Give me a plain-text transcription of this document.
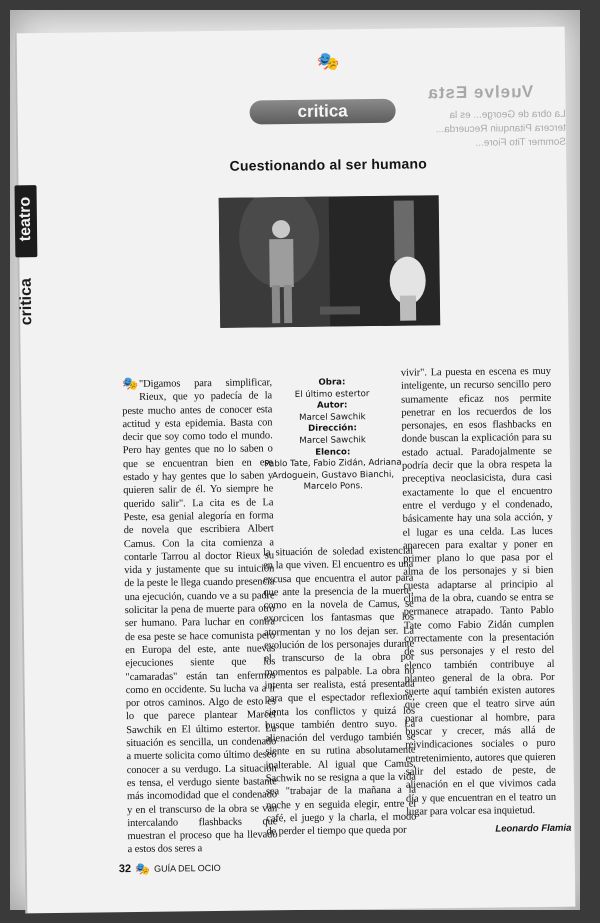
Vuelve Esta
La obra de George... es la tercera Pitanquin Recuerda... Sommer Tito Fiore...
teatro
critica
🎭
critica
Cuestionando al ser humano
Obra:
El último estertor
Autor:
Marcel Sawchik
Dirección:
Marcel Sawchik
Elenco:
Pablo Tate, Fabio Zidán, Adriana Ardoguein, Gustavo Bianchi, Marcelo Pons.
🎭 "Digamos para simplificar, Rieux, que yo padecía de la peste mucho antes de conocer esta actitud y esta epidemia. Basta con decir que soy como todo el mundo. Pero hay gentes que no lo saben o que se encuentran bien en ese estado y hay gentes que lo saben y quieren salir de él. Yo siempre he querido salir". La cita es de La Peste, esa genial alegoría en forma de novela que escribiera Albert Camus. Con la cita comienza a contarle Tarrou al doctor Rieux su vida y justamente que su intuición de la peste le llega cuando presencia una ejecución, cuando ve a su padre solicitar la pena de muerte para otro ser humano. Para luchar en contra de esa peste se hace comunista pero en Europa del este, ante nuevas ejecuciones siente que los "camaradas" están tan enfermos como en occidente. Su lucha va a ir por otros caminos. Algo de esto es lo que parece plantear Marcel Sawchik en El último estertor. La situación es sencilla, un condenado a muerte solicita como último deseo conocer a su verdugo. La situación es tensa, el verdugo siente bastante más incomodidad que el condenado y en el transcurso de la obra se van intercalando flashbacks que muestran el proceso que ha llevado a estos dos seres a

la situación de soledad existencial en la que viven. El encuentro es una excusa que encuentra el autor para que ante la presencia de la muerte, como en la novela de Camus, se exorcicen los fantasmas que los atormentan y no los dejan ser. La evolución de los personajes durante el transcurso de la obra por momentos es palpable. La obra no intenta ser realista, está presentada para que el espectador reflexione, sienta los conflictos y quizá los busque también dentro suyo. La alienación del verdugo también se siente en su rutina absolutamente inalterable. Al igual que Camus, Sachwik no se resigna a que la vida sea "trabajar de la mañana a la noche y en seguida elegir, entre el café, el juego y la charla, el modo de perder el tiempo que queda por

vivir". La puesta en escena es muy inteligente, un recurso sencillo pero sumamente eficaz nos permite penetrar en los recuerdos de los personajes, en esos flashbacks en donde buscan la explicación para su estado actual. Paradojalmente se podría decir que la obra respeta la preceptiva neoclasicista, dura casi exactamente lo que el encuentro entre el verdugo y el condenado, básicamente hay una sola acción, y el lugar es una celda. Las luces aparecen para exaltar y poner en primer plano lo que pasa por el alma de los personajes y si bien cuesta adaptarse al principio al clima de la obra, cuando se entra se permanece atrapado. Tanto Pablo Tate como Fabio Zidán cumplen correctamente con la presentación de sus personajes y el resto del elenco también contribuye al planteo general de la obra. Por suerte aquí también existen autores que creen que el teatro sirve aún para cuestionar al hombre, para buscar y crecer, más allá de reivindicaciones sociales o puro entretenimiento, autores que quieren salir del estado de peste, de alienación en el que vivimos cada día y que encuentran en el teatro un lugar para volcar esa inquietud.

Leonardo Flamia
32 🎭 GUÍA DEL OCIO
